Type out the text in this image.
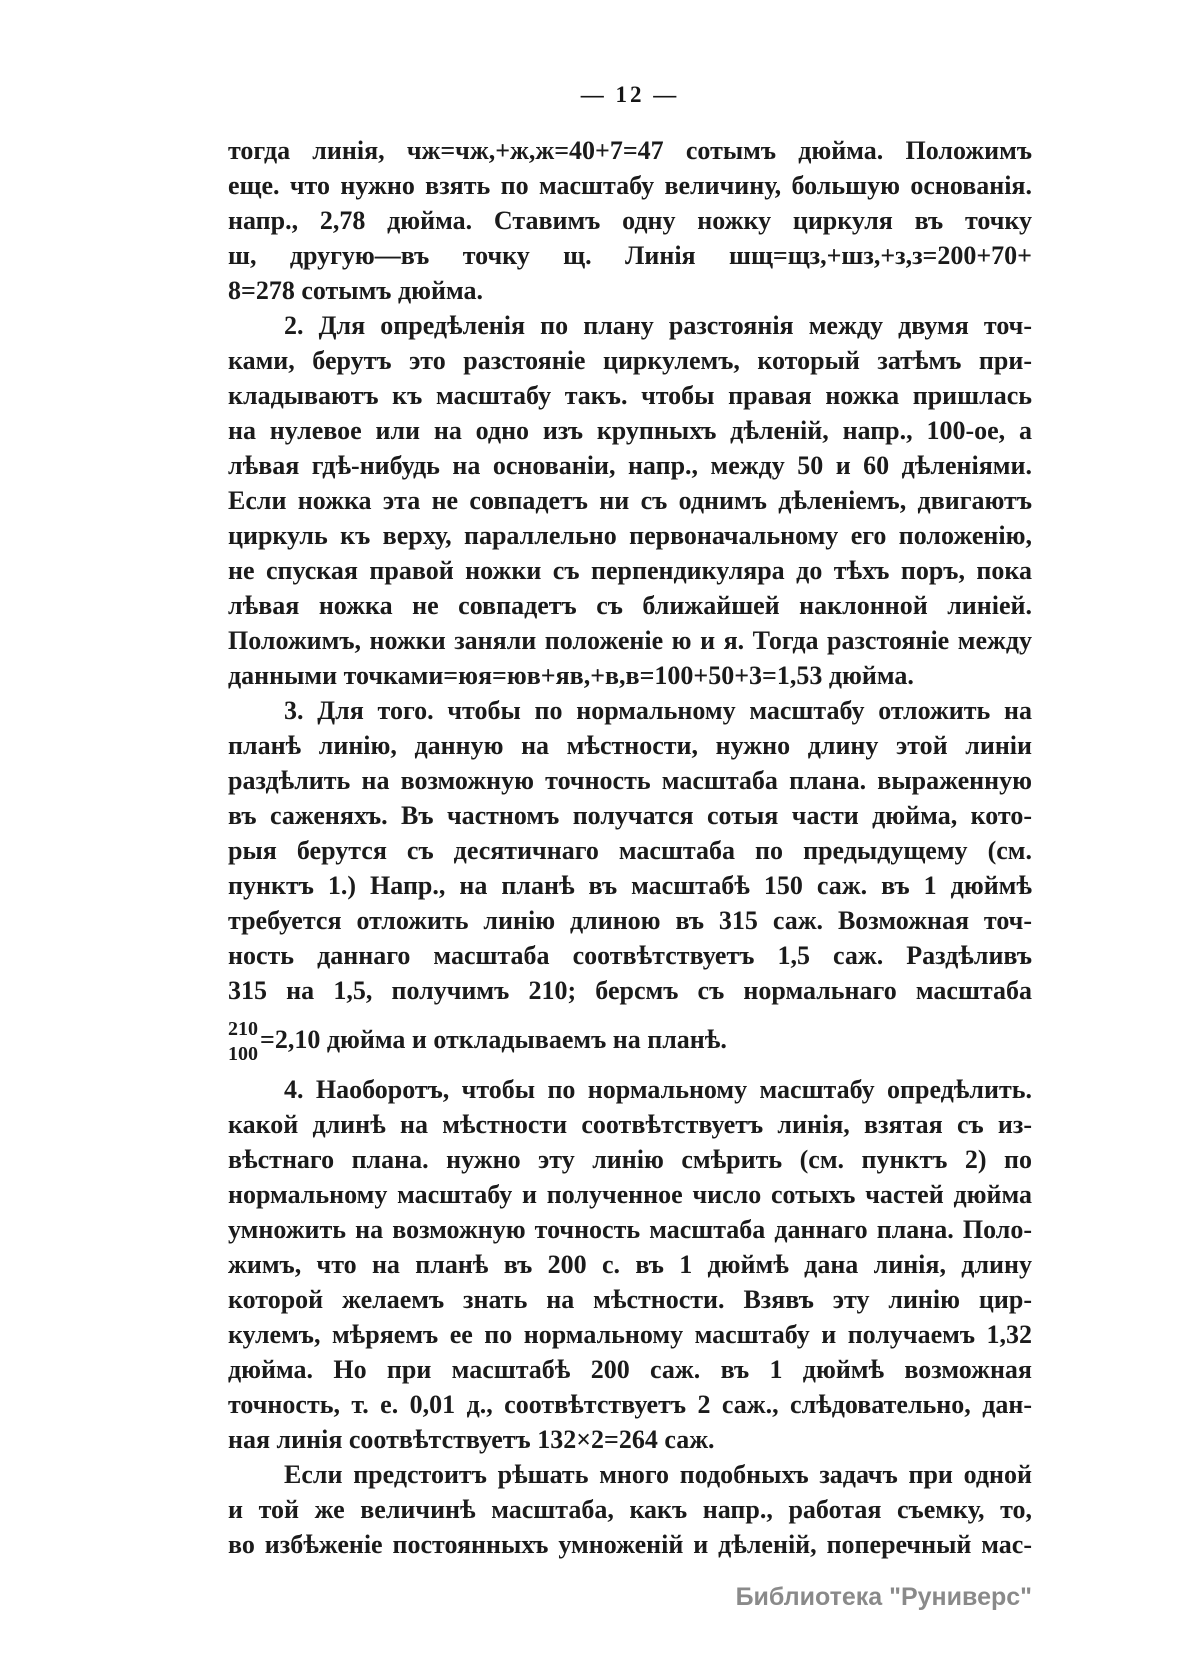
— 12 —
тогда линія, чж=чж,+ж,ж=40+7=47 сотымъ дюйма. Положимъ
еще. что нужно взять по масштабу величину, большую основанія.
напр., 2,78 дюйма. Ставимъ одну ножку циркуля въ точку
ш, другую—въ точку щ. Линія шщ=щз,+шз,+з,з=200+70+
8=278 сотымъ дюйма.
2. Для опредѣленія по плану разстоянія между двумя точ-
ками, берутъ это разстояніе циркулемъ, который затѣмъ при-
кладываютъ къ масштабу такъ. чтобы правая ножка пришлась
на нулевое или на одно изъ крупныхъ дѣленій, напр., 100-ое, а
лѣвая гдѣ-нибудь на основаніи, напр., между 50 и 60 дѣленіями.
Если ножка эта не совпадетъ ни съ однимъ дѣленіемъ, двигаютъ
циркуль къ верху, параллельно первоначальному его положенію,
не спуская правой ножки съ перпендикуляра до тѣхъ поръ, пока
лѣвая ножка не совпадетъ съ ближайшей наклонной линіей.
Положимъ, ножки заняли положеніе ю и я. Тогда разстояніе между
данными точками=юя=юв+яв,+в,в=100+50+3=1,53 дюйма.
3. Для того. чтобы по нормальному масштабу отложить на
планѣ линію, данную на мѣстности, нужно длину этой линіи
раздѣлить на возможную точность масштаба плана. выраженную
въ саженяхъ. Въ частномъ получатся сотыя части дюйма, кото-
рыя берутся съ десятичнаго масштаба по предыдущему (см.
пунктъ 1.) Напр., на планѣ въ масштабѣ 150 саж. въ 1 дюймѣ
требуется отложить линію длиною въ 315 саж. Возможная точ-
ность даннаго масштаба соотвѣтствуетъ 1,5 саж. Раздѣливъ
315 на 1,5, получимъ 210; берсмъ съ нормальнаго масштаба
210
100
=2,10 дюйма и откладываемъ на планѣ.
4. Наоборотъ, чтобы по нормальному масштабу опредѣлить.
какой длинѣ на мѣстности соотвѣтствуетъ линія, взятая съ из-
вѣстнаго плана. нужно эту линію смѣрить (см. пунктъ 2) по
нормальному масштабу и полученное число сотыхъ частей дюйма
умножить на возможную точность масштаба даннаго плана. Поло-
жимъ, что на планѣ въ 200 с. въ 1 дюймѣ дана линія, длину
которой желаемъ знать на мѣстности. Взявъ эту линію цир-
кулемъ, мѣряемъ ее по нормальному масштабу и получаемъ 1,32
дюйма. Но при масштабѣ 200 саж. въ 1 дюймѣ возможная
точность, т. е. 0,01 д., соотвѣтствуетъ 2 саж., слѣдовательно, дан-
ная линія соотвѣтствуетъ 132×2=264 саж.
Если предстоитъ рѣшать много подобныхъ задачъ при одной
и той же величинѣ масштаба, какъ напр., работая съемку, то,
во избѣженіе постоянныхъ умноженій и дѣленій, поперечный мас-
Библиотека "Руниверс"
